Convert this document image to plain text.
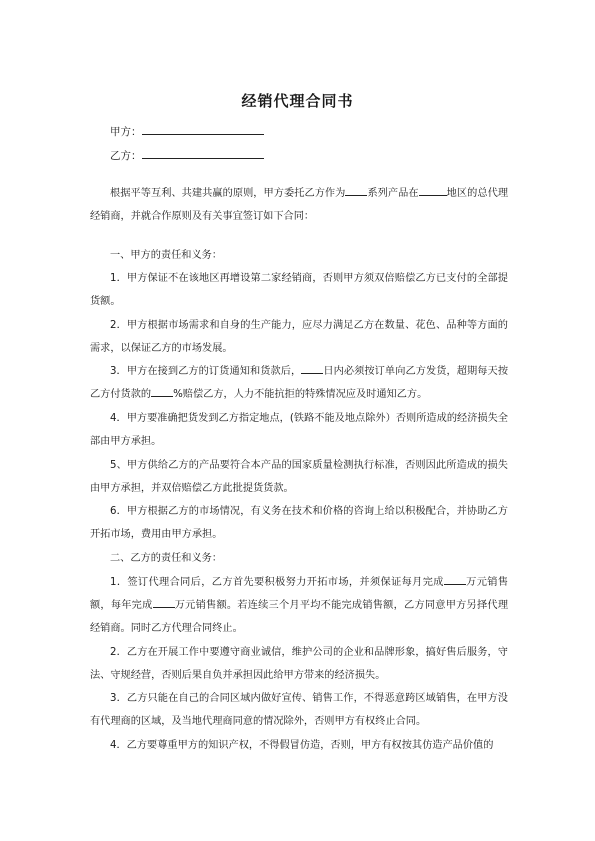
经销代理合同书
甲方：
乙方：
根据平等互利、共建共赢的原则，甲方委托乙方作为 系列产品在	地区的总代理经销商，并就合作原则及有关事宜签订如下合同：
一、甲方的责任和义务：
1．甲方保证不在该地区再增设第二家经销商，否则甲方须双倍赔偿乙方已支付的全部提货额。
2．甲方根据市场需求和自身的生产能力，应尽力满足乙方在数量、花色、品种等方面的需求，以保证乙方的市场发展。
3．甲方在接到乙方的订货通知和货款后， 日内必须按订单向乙方发货，超期每天按乙方付货款的 %赔偿乙方，人力不能抗拒的特殊情况应及时通知乙方。
4．甲方要准确把货发到乙方指定地点，(铁路不能及地点除外）否则所造成的经济损失全部由甲方承担。
5、甲方供给乙方的产品要符合本产品的国家质量检测执行标准，否则因此所造成的损失由甲方承担，并双倍赔偿乙方此批提货货款。
6．甲方根据乙方的市场情况，有义务在技术和价格的咨询上给以积极配合，并协助乙方开拓市场，费用由甲方承担。
二、乙方的责任和义务：
1．签订代理合同后，乙方首先要积极努力开拓市场，并须保证每月完成 万元销售额，每年完成 万元销售额。若连续三个月平均不能完成销售额，乙方同意甲方另择代理经销商。同时乙方代理合同终止。
2．乙方在开展工作中要遵守商业诚信，维护公司的企业和品牌形象，搞好售后服务，守法、守规经营，否则后果自负并承担因此给甲方带来的经济损失。
3．乙方只能在自己的合同区域内做好宣传、销售工作，不得恶意跨区域销售，在甲方没有代理商的区域，及当地代理商同意的情况除外，否则甲方有权终止合同。
4．乙方要尊重甲方的知识产权，不得假冒仿造，否则，甲方有权按其仿造产品价值的
